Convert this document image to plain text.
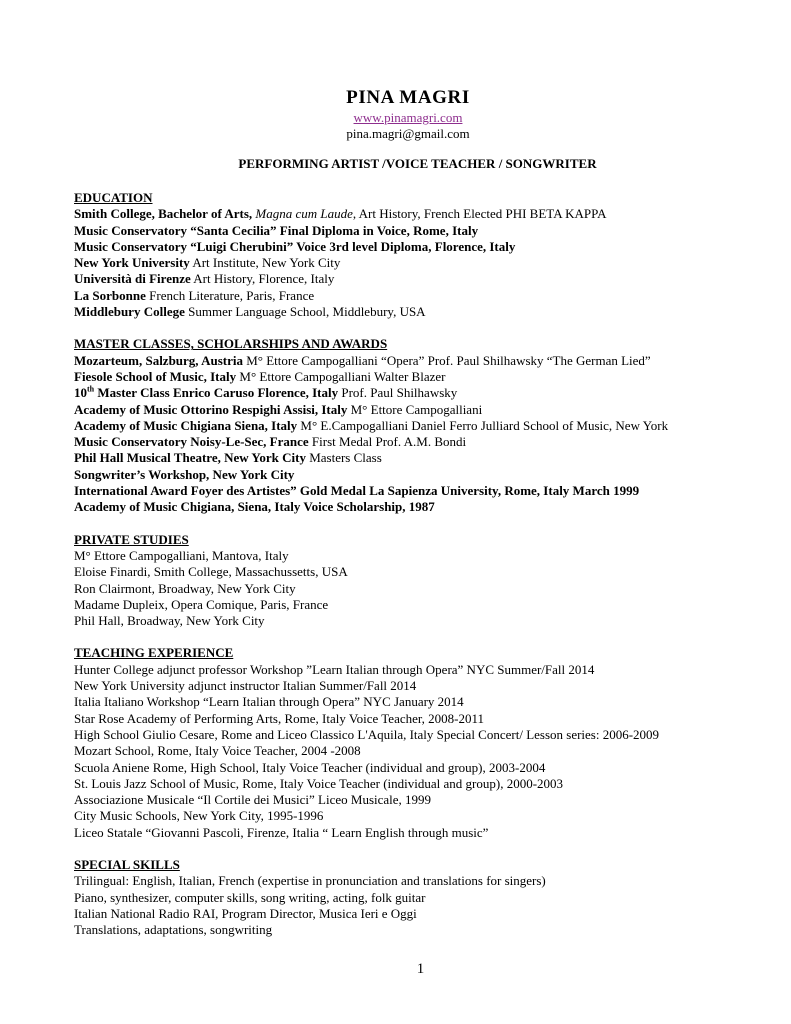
PINA MAGRI
www.pinamagri.com
pina.magri@gmail.com
PERFORMING ARTIST /VOICE TEACHER / SONGWRITER
EDUCATION
Smith College, Bachelor of Arts, Magna cum Laude, Art History, French Elected PHI BETA KAPPA
Music Conservatory “Santa Cecilia” Final Diploma in Voice, Rome, Italy
Music Conservatory “Luigi Cherubini” Voice 3rd level Diploma, Florence, Italy
New York University Art Institute, New York City
Università di Firenze Art History, Florence, Italy
La Sorbonne French Literature, Paris, France
Middlebury College Summer Language School, Middlebury, USA
MASTER CLASSES, SCHOLARSHIPS AND AWARDS
Mozarteum, Salzburg, Austria M° Ettore Campogalliani “Opera” Prof. Paul Shilhawsky “The German Lied”
Fiesole School of Music, Italy M° Ettore Campogalliani Walter Blazer
10th Master Class Enrico Caruso Florence, Italy Prof. Paul Shilhawsky
Academy of Music Ottorino Respighi Assisi, Italy M° Ettore Campogalliani
Academy of Music Chigiana Siena, Italy M° E.Campogalliani Daniel Ferro Julliard School of Music, New York
Music Conservatory Noisy-Le-Sec, France First Medal Prof. A.M. Bondi
Phil Hall Musical Theatre, New York City Masters Class
Songwriter’s Workshop, New York City
International Award Foyer des Artistes” Gold Medal La Sapienza University, Rome, Italy March 1999
Academy of Music Chigiana, Siena, Italy Voice Scholarship, 1987
PRIVATE STUDIES
M° Ettore Campogalliani, Mantova, Italy
Eloise Finardi, Smith College, Massachussetts, USA
Ron Clairmont, Broadway, New York City
Madame Dupleix, Opera Comique, Paris, France
Phil Hall, Broadway, New York City
TEACHING EXPERIENCE
Hunter College adjunct professor Workshop ”Learn Italian through Opera” NYC Summer/Fall 2014
New York University adjunct instructor Italian Summer/Fall 2014
Italia Italiano Workshop “Learn Italian through Opera” NYC January 2014
Star Rose Academy of Performing Arts, Rome, Italy Voice Teacher, 2008-2011
High School Giulio Cesare, Rome and Liceo Classico L'Aquila, Italy Special Concert/ Lesson series: 2006-2009
Mozart School, Rome, Italy Voice Teacher, 2004 -2008
Scuola Aniene Rome, High School, Italy Voice Teacher (individual and group), 2003-2004
St. Louis Jazz School of Music, Rome, Italy Voice Teacher (individual and group), 2000-2003
Associazione Musicale “Il Cortile dei Musici” Liceo Musicale, 1999
City Music Schools, New York City, 1995-1996
Liceo Statale “Giovanni Pascoli, Firenze, Italia “ Learn English through music”
SPECIAL SKILLS
Trilingual: English, Italian, French (expertise in pronunciation and translations for singers)
Piano, synthesizer, computer skills, song writing, acting, folk guitar
Italian National Radio RAI, Program Director, Musica Ieri e Oggi
Translations, adaptations, songwriting
1
